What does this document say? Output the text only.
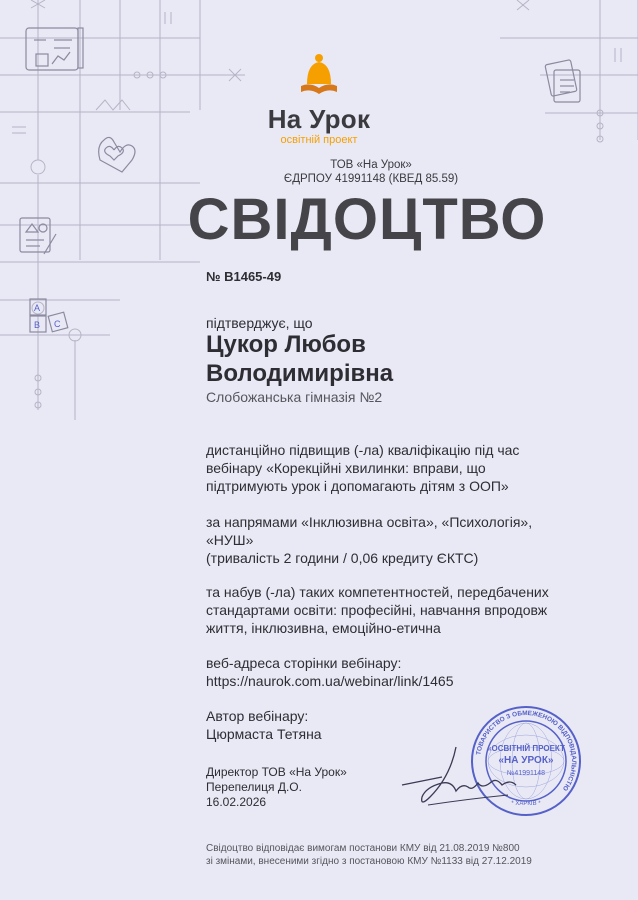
A
B C
На Урок
освітній проект
ТОВ «На Урок»
ЄДРПОУ 41991148 (КВЕД 85.59)
СВІДОЦТВО
№ В1465-49
підтверджує, що
Цукор Любов
Володимирівна
Слобожанська гімназія №2
дистанційно підвищив (-ла) кваліфікацію під час
вебінару «Корекційні хвилинки: вправи, що
підтримують урок і допомагають дітям з ООП»
за напрямами «Інклюзивна освіта», «Психологія»,
«НУШ»
(тривалість 2 години / 0,06 кредиту ЄКТС)
та набув (-ла) таких компетентностей, передбачених
стандартами освіти: професійні, навчання впродовж
життя, інклюзивна, емоційно-етична
веб-адреса сторінки вебінару:
https://naurok.com.ua/webinar/link/1465
Автор вебінару:
Цюрмаста Тетяна
Директор ТОВ «На Урок»
Перепелиця Д.О.
16.02.2026
ТОВАРИСТВО З ОБМЕЖЕНОЮ ВІДПОВІДАЛЬНІСТЮ
«ОСВІТНІЙ ПРОЕКТ
«НА УРОК»
№41991148
* ХАРКІВ *
Свідоцтво відповідає вимогам постанови КМУ від 21.08.2019 №800
зі змінами, внесеними згідно з постановою КМУ №1133 від 27.12.2019
